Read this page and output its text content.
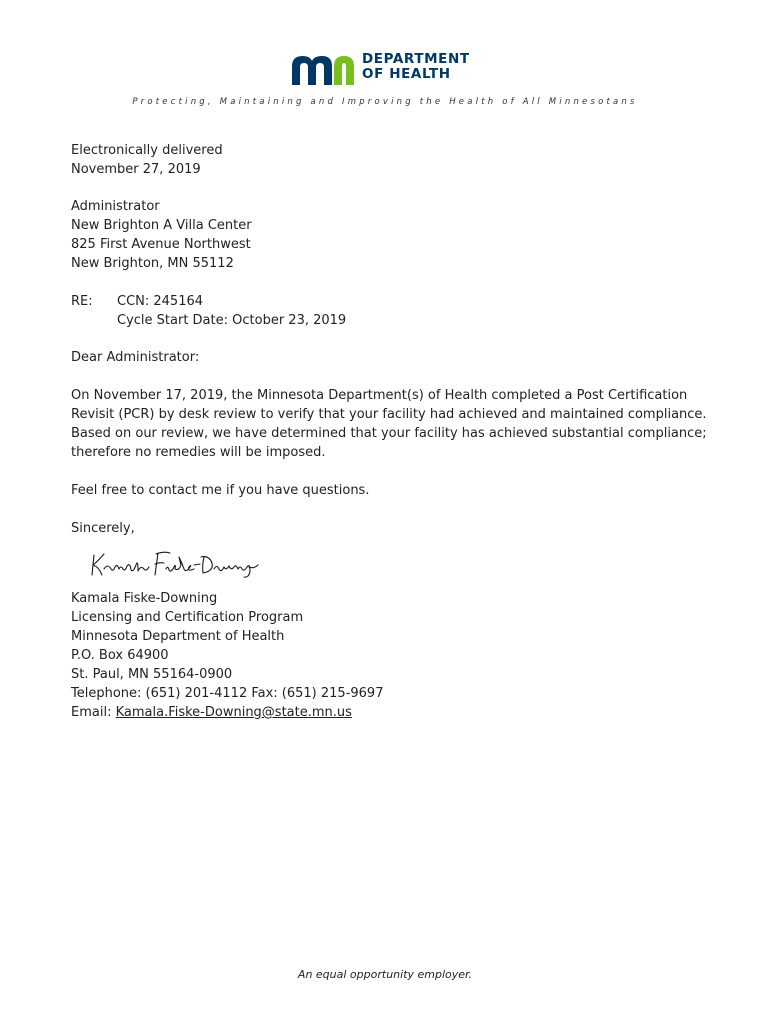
DEPARTMENT
OF HEALTH
Protecting, Maintaining and Improving the Health of All Minnesotans
Electronically delivered
November 27, 2019
Administrator
New Brighton A Villa Center
825 First Avenue Northwest
New Brighton, MN 55112
RE: CCN: 245164
Cycle Start Date: October 23, 2019
Dear Administrator:
On November 17, 2019, the Minnesota Department(s) of Health completed a Post Certification Revisit (PCR) by desk review to verify that your facility had achieved and maintained compliance. Based on our review, we have determined that your facility has achieved substantial compliance; therefore no remedies will be imposed.
Feel free to contact me if you have questions.
Sincerely,
Kamala Fiske-Downing
Licensing and Certification Program
Minnesota Department of Health
P.O. Box 64900
St. Paul, MN 55164-0900
Telephone: (651) 201-4112 Fax: (651) 215-9697
Email: Kamala.Fiske-Downing@state.mn.us
An equal opportunity employer.
